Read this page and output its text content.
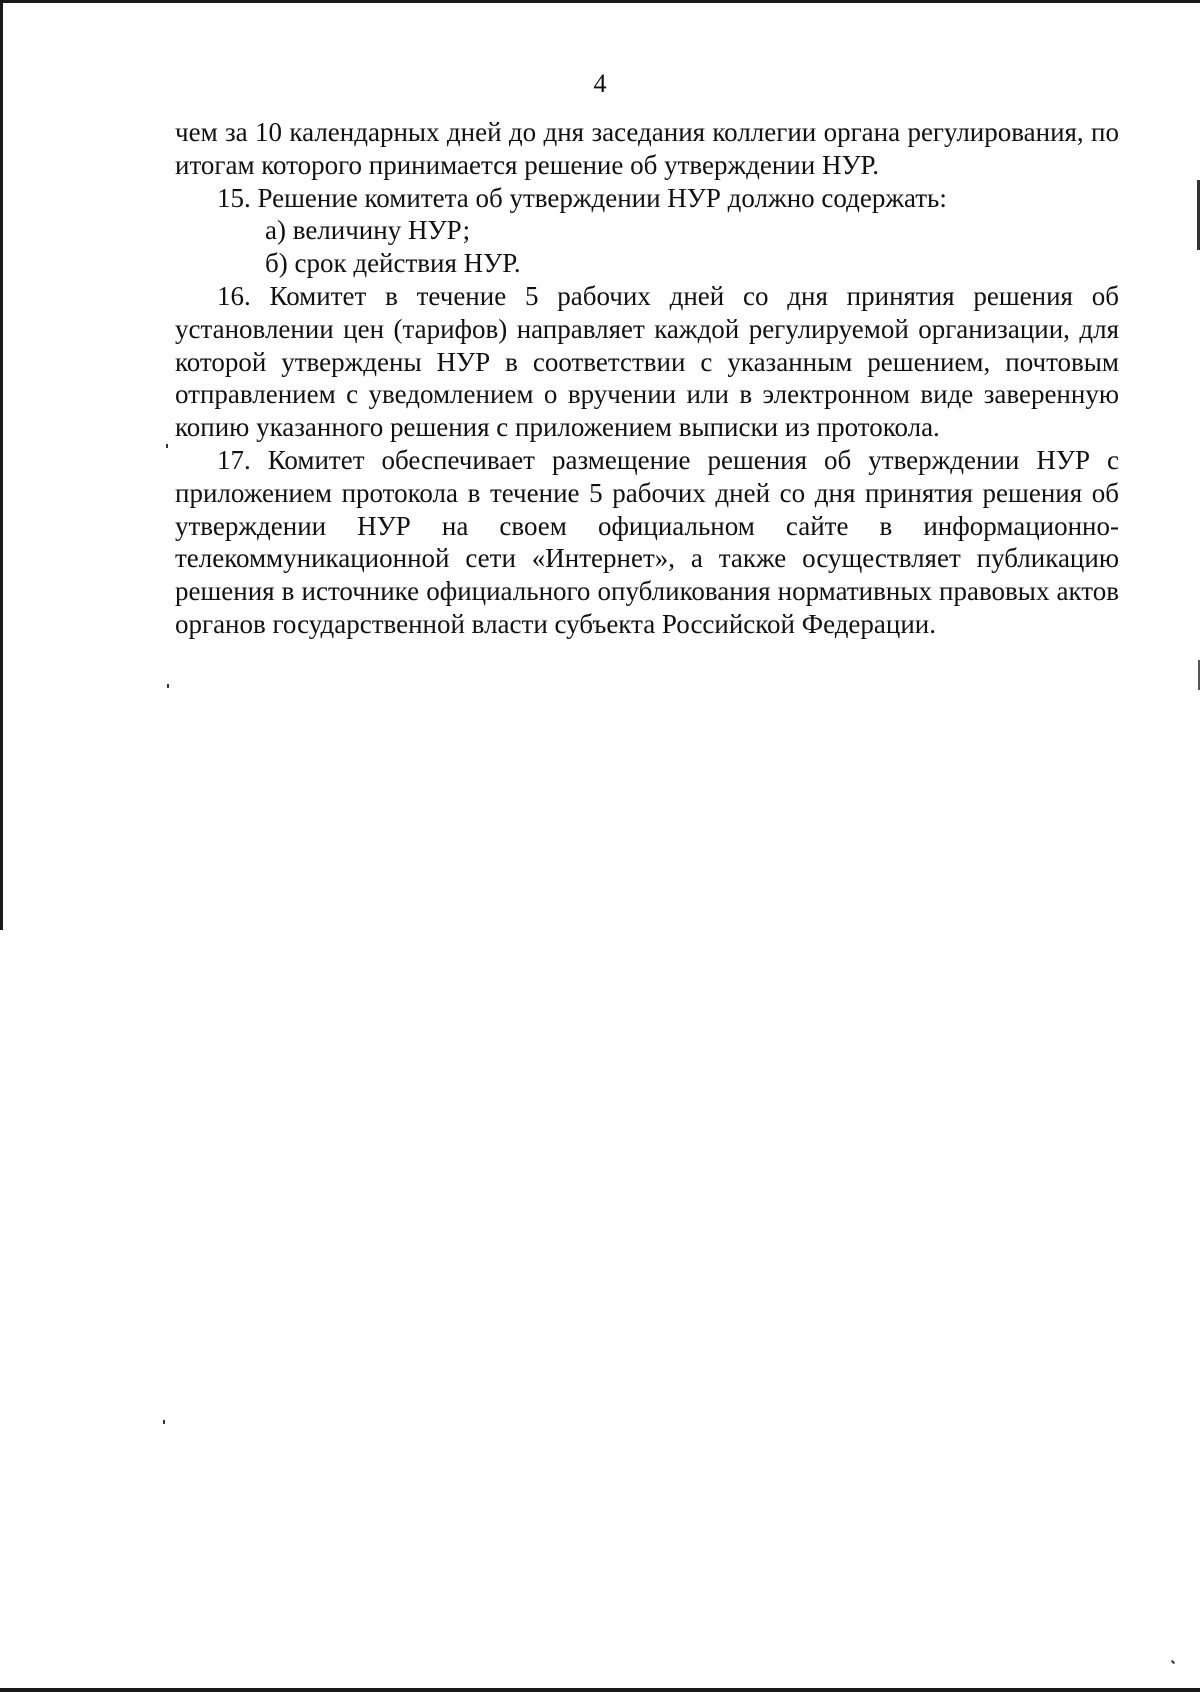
4

чем за 10 календарных дней до дня заседания коллегии органа регулирования, по итогам которого принимается решение об утверждении НУР.

15. Решение комитета об утверждении НУР должно содержать:

а) величину НУР;

б) срок действия НУР.

16. Комитет в течение 5 рабочих дней со дня принятия решения об установлении цен (тарифов) направляет каждой регулируемой организации, для которой утверждены НУР в соответствии с указанным решением, почтовым отправлением с уведомлением о вручении или в электронном виде заверенную копию указанного решения с приложением выписки из протокола.

17. Комитет обеспечивает размещение решения об утверждении НУР с приложением протокола в течение 5 рабочих дней со дня принятия решения об утверждении НУР на своем официальном сайте в информационно-телекоммуникационной сети «Интернет», а также осуществляет публикацию решения в источнике официального опубликования нормативных правовых актов органов государственной власти субъекта Российской Федерации.
